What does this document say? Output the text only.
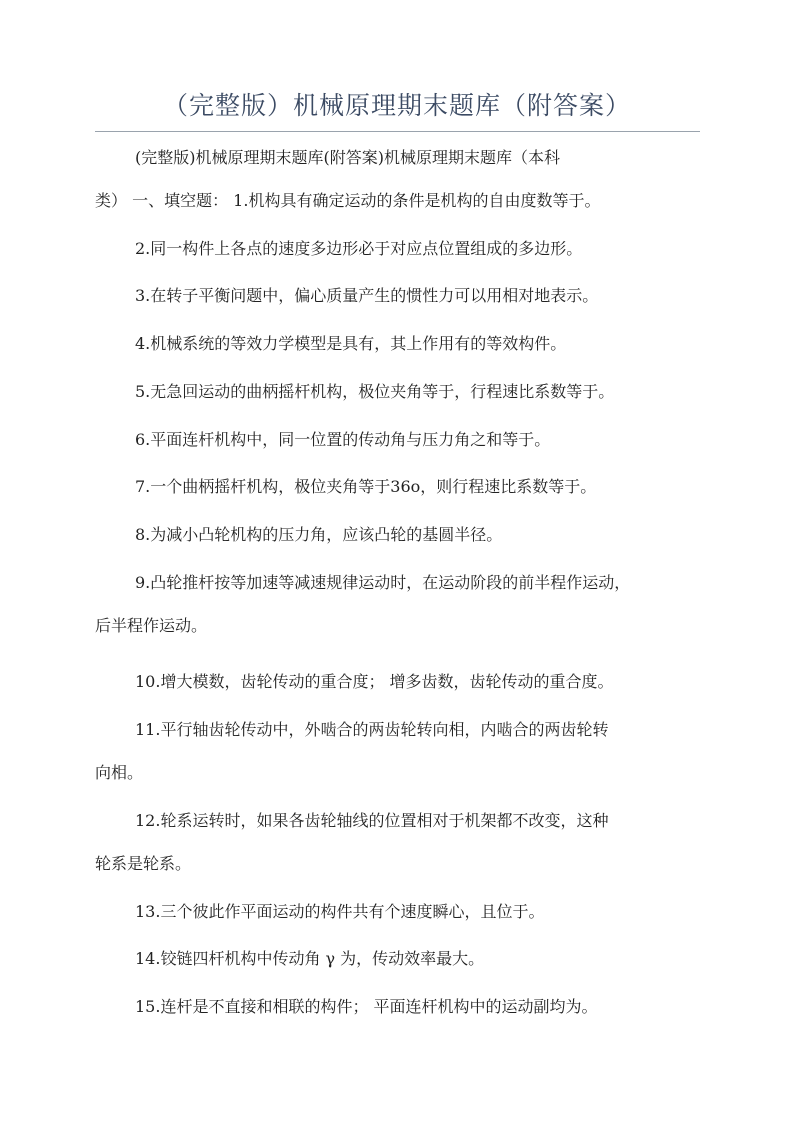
（完整版）机械原理期末题库（附答案）
(完整版)机械原理期末题库(附答案)机械原理期末题库（本科
类） 一、填空题： 1.机构具有确定运动的条件是机构的自由度数等于。
2.同一构件上各点的速度多边形必于对应点位置组成的多边形。
3.在转子平衡问题中，偏心质量产生的惯性力可以用相对地表示。
4.机械系统的等效力学模型是具有，其上作用有的等效构件。
5.无急回运动的曲柄摇杆机构，极位夹角等于，行程速比系数等于。
6.平面连杆机构中，同一位置的传动角与压力角之和等于。
7.一个曲柄摇杆机构，极位夹角等于36o，则行程速比系数等于。
8.为减小凸轮机构的压力角，应该凸轮的基圆半径。
9.凸轮推杆按等加速等减速规律运动时，在运动阶段的前半程作运动，
后半程作运动。
10.增大模数，齿轮传动的重合度； 增多齿数，齿轮传动的重合度。
11.平行轴齿轮传动中，外啮合的两齿轮转向相，内啮合的两齿轮转
向相。
12.轮系运转时，如果各齿轮轴线的位置相对于机架都不改变，这种
轮系是轮系。
13.三个彼此作平面运动的构件共有个速度瞬心，且位于。
14.铰链四杆机构中传动角 γ 为，传动效率最大。
15.连杆是不直接和相联的构件； 平面连杆机构中的运动副均为。
